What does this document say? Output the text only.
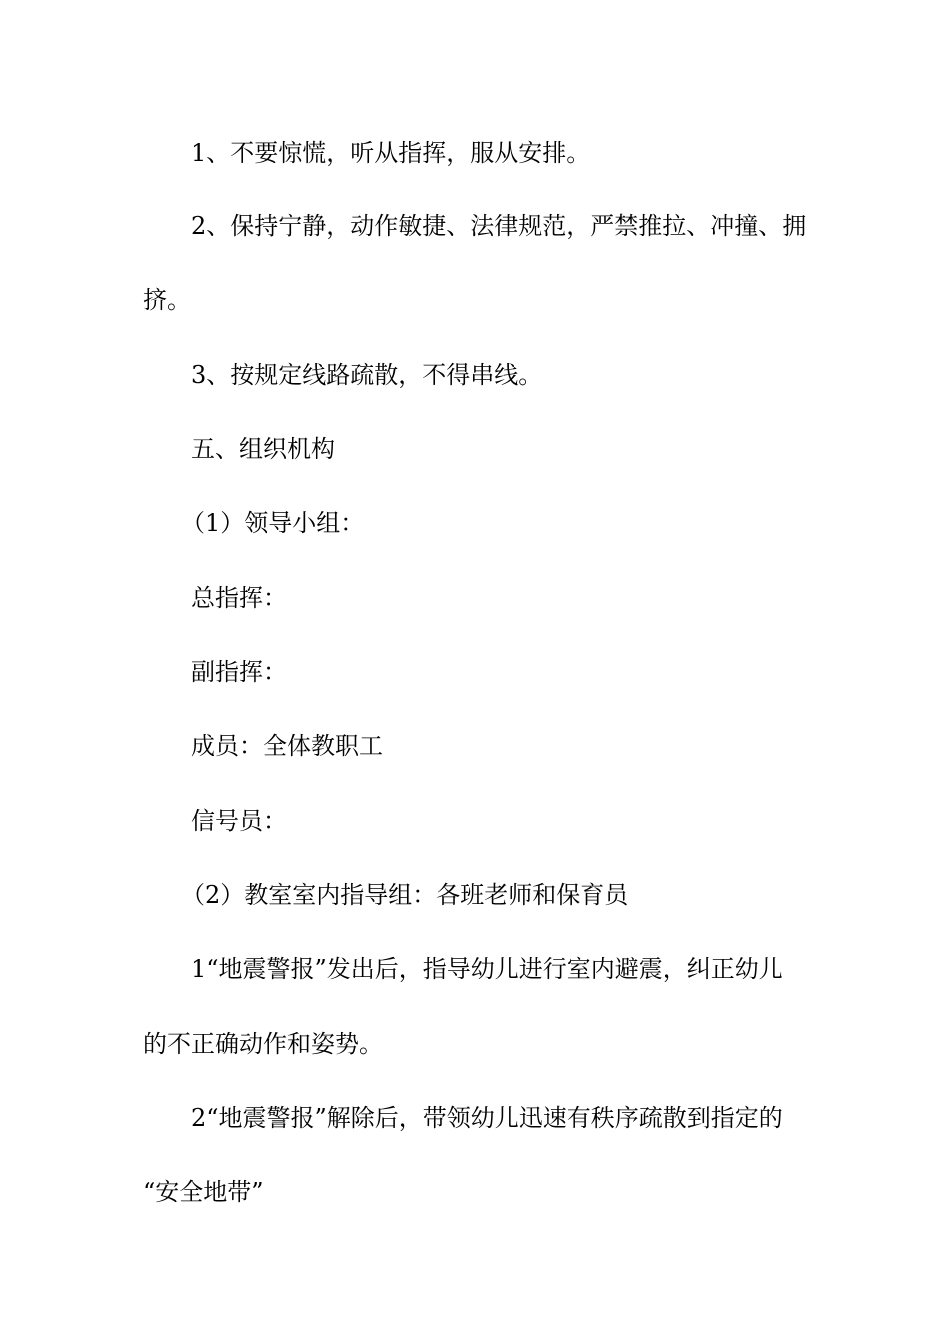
1、不要惊慌，听从指挥，服从安排。
2、保持宁静，动作敏捷、法律规范，严禁推拉、冲撞、拥
挤。
3、按规定线路疏散，不得串线。
五、组织机构
（1）领导小组：
总指挥：
副指挥：
成员：全体教职工
信号员：
（2）教室室内指导组：各班老师和保育员
1“地震警报”发出后，指导幼儿进行室内避震，纠正幼儿
的不正确动作和姿势。
2“地震警报”解除后，带领幼儿迅速有秩序疏散到指定的
“安全地带”
